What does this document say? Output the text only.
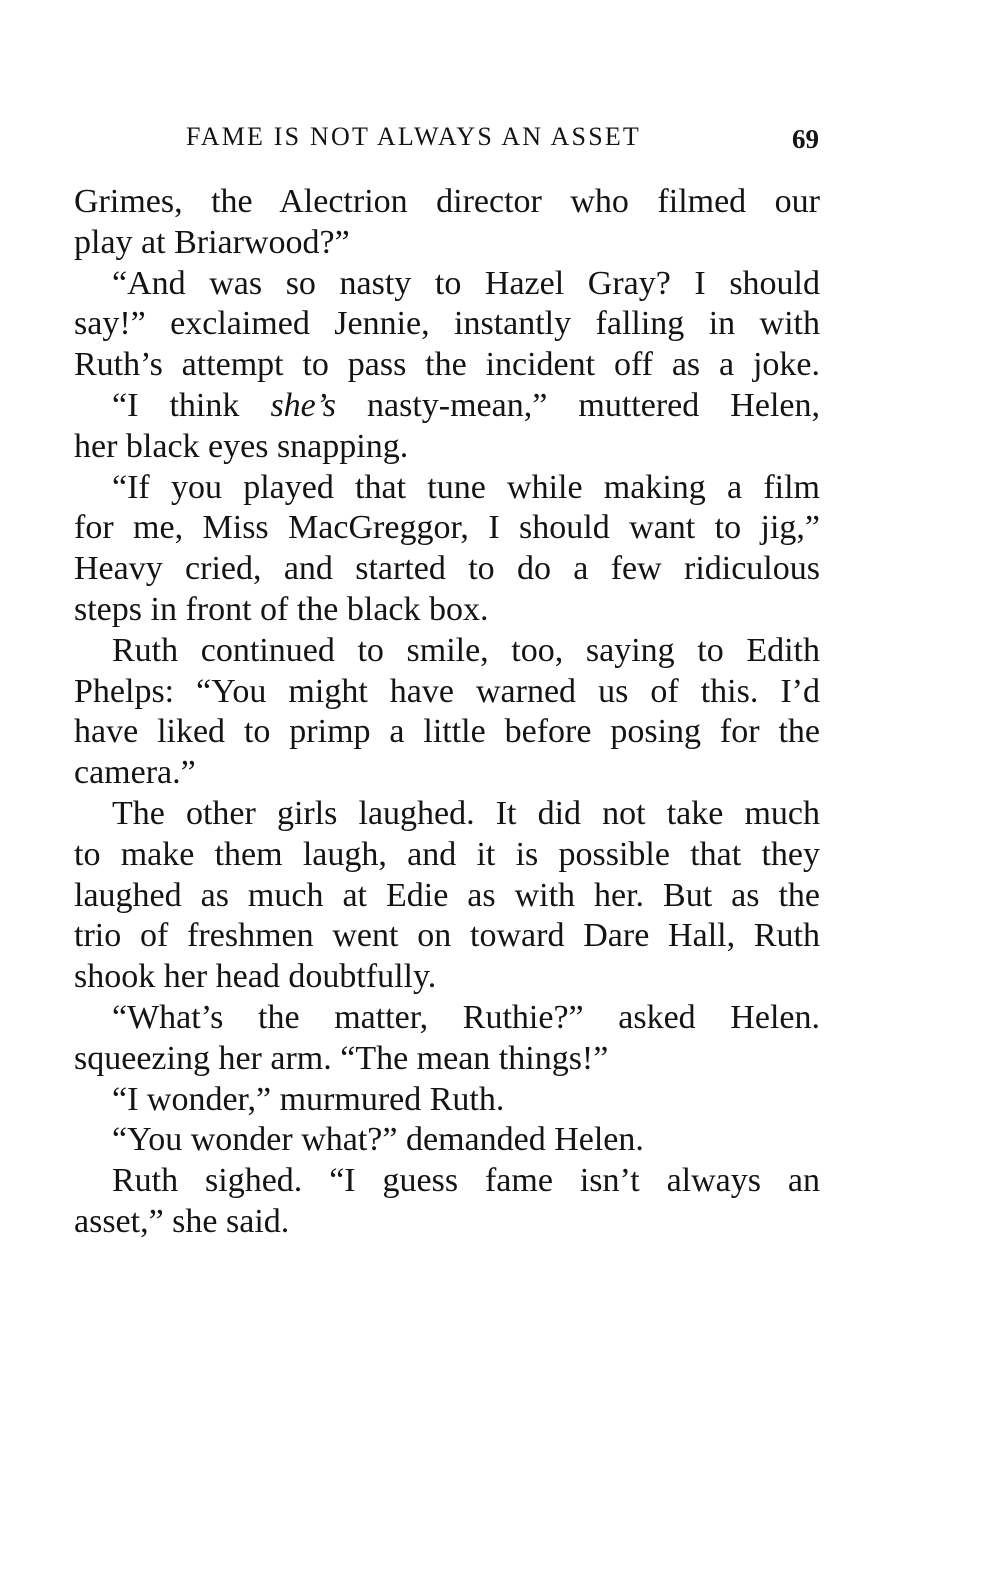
FAME IS NOT ALWAYS AN ASSET	69
Grimes, the Alectrion director who filmed our
play at Briarwood?”
“And was so nasty to Hazel Gray? I should
say!” exclaimed Jennie, instantly falling in with
Ruth’s attempt to pass the incident off as a joke.
“I think she’s nasty-mean,” muttered Helen,
her black eyes snapping.
“If you played that tune while making a film
for me, Miss MacGreggor, I should want to jig,”
Heavy cried, and started to do a few ridiculous
steps in front of the black box.
Ruth continued to smile, too, saying to Edith
Phelps: “You might have warned us of this. I’d
have liked to primp a little before posing for the
camera.”
The other girls laughed. It did not take much
to make them laugh, and it is possible that they
laughed as much at Edie as with her. But as the
trio of freshmen went on toward Dare Hall, Ruth
shook her head doubtfully.
“What’s the matter, Ruthie?” asked Helen.
squeezing her arm. “The mean things!”
“I wonder,” murmured Ruth.
“You wonder what?” demanded Helen.
Ruth sighed. “I guess fame isn’t always an
asset,” she said.
